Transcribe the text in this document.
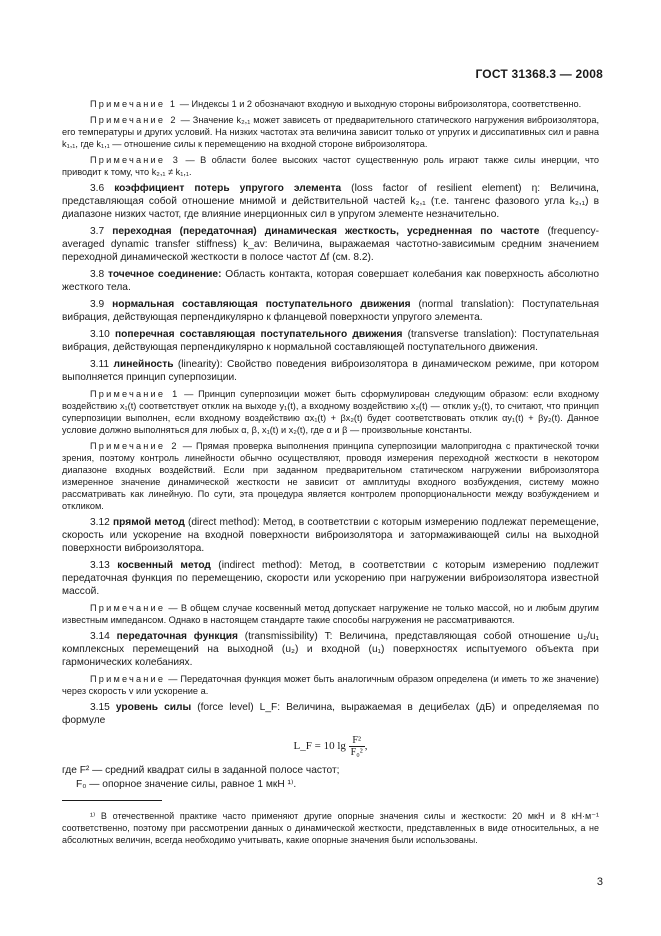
ГОСТ 31368.3 — 2008

Примечание 1 — Индексы 1 и 2 обозначают входную и выходную стороны виброизолятора, соответственно.

Примечание 2 — Значение k₂,₁ может зависеть от предварительного статического нагружения виброизолятора, его температуры и других условий. На низких частотах эта величина зависит только от упругих и диссипативных сил и равна k₁,₁, где k₁,₁ — отношение силы к перемещению на входной стороне виброизолятора.

Примечание 3 — В области более высоких частот существенную роль играют также силы инерции, что приводит к тому, что k₂,₁ ≠ k₁,₁.

3.6 коэффициент потерь упругого элемента (loss factor of resilient element) η: Величина, представляющая собой отношение мнимой и действительной частей k₂,₁ (т.е. тангенс фазового угла k₂,₁) в диапазоне низких частот, где влияние инерционных сил в упругом элементе незначительно.

3.7 переходная (передаточная) динамическая жесткость, усредненная по частоте (frequency-averaged dynamic transfer stiffness) k_av: Величина, выражаемая частотно-зависимым средним значением переходной динамической жесткости в полосе частот Δf (см. 8.2).

3.8 точечное соединение: Область контакта, которая совершает колебания как поверхность абсолютно жесткого тела.

3.9 нормальная составляющая поступательного движения (normal translation): Поступательная вибрация, действующая перпендикулярно к фланцевой поверхности упругого элемента.

3.10 поперечная составляющая поступательного движения (transverse translation): Поступательная вибрация, действующая перпендикулярно к нормальной составляющей поступательного движения.

3.11 линейность (linearity): Свойство поведения виброизолятора в динамическом режиме, при котором выполняется принцип суперпозиции.

Примечание 1 — Принцип суперпозиции может быть сформулирован следующим образом: если входному воздействию x₁(t) соответствует отклик на выходе y₁(t), а входному воздействию x₂(t) — отклик y₂(t), то считают, что принцип суперпозиции выполнен, если входному воздействию αx₁(t) + βx₂(t) будет соответствовать отклик αy₁(t) + βy₂(t). Данное условие должно выполняться для любых α, β, x₁(t) и x₂(t), где α и β — произвольные константы.

Примечание 2 — Прямая проверка выполнения принципа суперпозиции малопригодна с практической точки зрения, поэтому контроль линейности обычно осуществляют, проводя измерения переходной жесткости в некотором диапазоне входных воздействий. Если при заданном предварительном статическом нагружении виброизолятора измеренное значение динамической жесткости не зависит от амплитуды входного возбуждения, систему можно рассматривать как линейную. По сути, эта процедура является контролем пропорциональности между возбуждением и откликом.

3.12 прямой метод (direct method): Метод, в соответствии с которым измерению подлежат перемещение, скорость или ускорение на входной поверхности виброизолятора и затормаживающей силы на выходной поверхности виброизолятора.

3.13 косвенный метод (indirect method): Метод, в соответствии с которым измерению подлежит передаточная функция по перемещению, скорости или ускорению при нагружении виброизолятора известной массой.

Примечание — В общем случае косвенный метод допускает нагружение не только массой, но и любым другим известным импедансом. Однако в настоящем стандарте такие способы нагружения не рассматриваются.

3.14 передаточная функция (transmissibility) T: Величина, представляющая собой отношение u₂/u₁ комплексных перемещений на выходной (u₂) и входной (u₁) поверхностях испытуемого объекта при гармонических колебаниях.

Примечание — Передаточная функция может быть аналогичным образом определена (и иметь то же значение) через скорость v или ускорение a.

3.15 уровень силы (force level) L_F: Величина, выражаемая в децибелах (дБ) и определяемая по формуле

L_F = 10 $\lg \frac{\text{F²}}{\text{F₀²}}$ ,
где F² — средний квадрат силы в заданной полосе частот;
F₀ — опорное значение силы, равное 1 мкН ¹⁾.

¹⁾ В отечественной практике часто применяют другие опорные значения силы и жесткости: 20 мкН и 8 кН·м⁻¹ соответственно, поэтому при рассмотрении данных о динамической жесткости, представленных в виде относительных, а не абсолютных величин, всегда необходимо учитывать, какие опорные значения были использованы.

3
